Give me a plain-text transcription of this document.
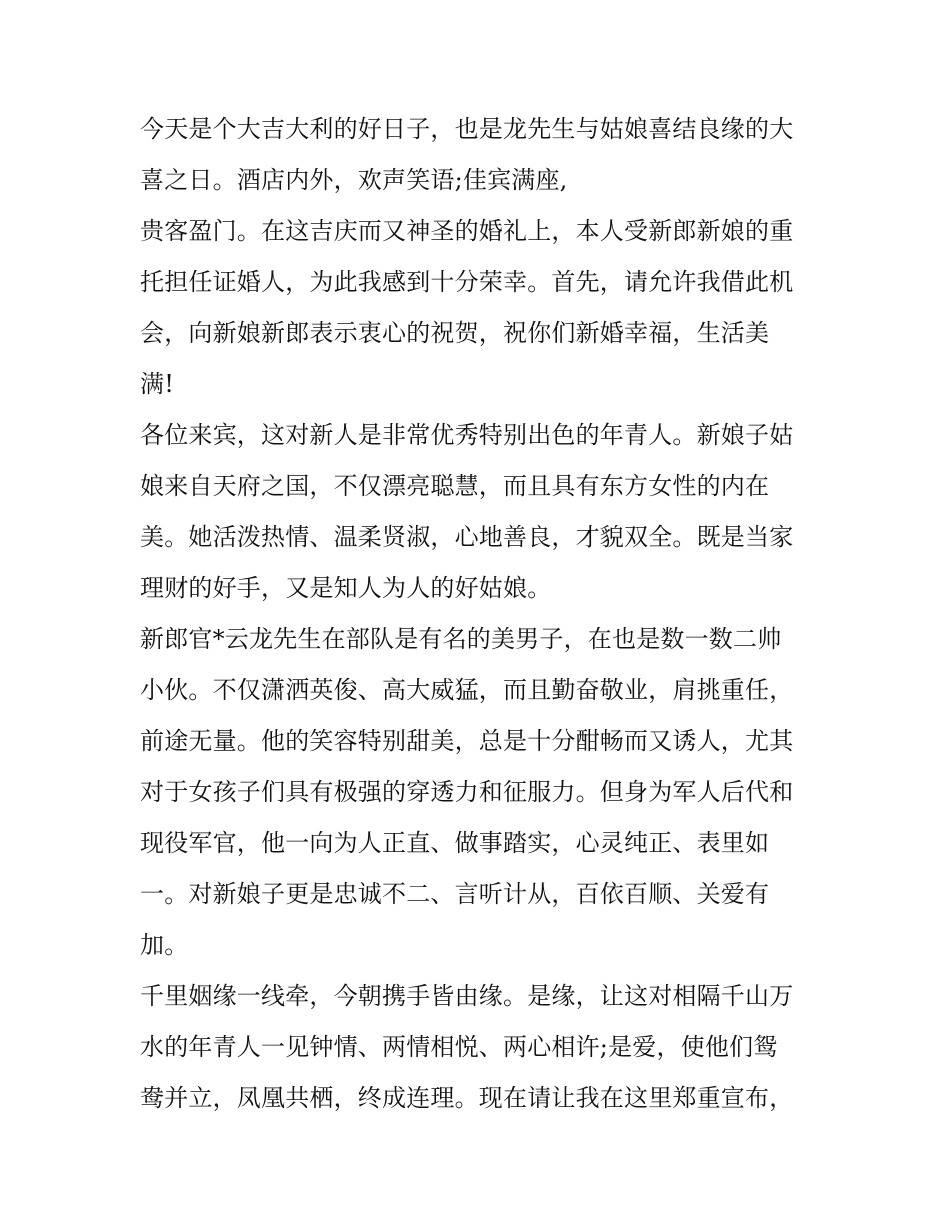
今天是个大吉大利的好日子，也是龙先生与姑娘喜结良缘的大
喜之日。酒店内外，欢声笑语;佳宾满座,
贵客盈门。在这吉庆而又神圣的婚礼上，本人受新郎新娘的重
托担任证婚人，为此我感到十分荣幸。首先，请允许我借此机
会，向新娘新郎表示衷心的祝贺，祝你们新婚幸福，生活美
满!
各位来宾，这对新人是非常优秀特别出色的年青人。新娘子姑
娘来自天府之国，不仅漂亮聪慧，而且具有东方女性的内在
美。她活泼热情、温柔贤淑，心地善良，才貌双全。既是当家
理财的好手，又是知人为人的好姑娘。
新郎官*云龙先生在部队是有名的美男子，在也是数一数二帅
小伙。不仅潇洒英俊、高大威猛，而且勤奋敬业，肩挑重任，
前途无量。他的笑容特别甜美，总是十分酣畅而又诱人，尤其
对于女孩子们具有极强的穿透力和征服力。但身为军人后代和
现役军官，他一向为人正直、做事踏实，心灵纯正、表里如
一。对新娘子更是忠诚不二、言听计从，百依百顺、关爱有
加。
千里姻缘一线牵，今朝携手皆由缘。是缘，让这对相隔千山万
水的年青人一见钟情、两情相悦、两心相许;是爱，使他们鸳
鸯并立，凤凰共栖，终成连理。现在请让我在这里郑重宣布，
